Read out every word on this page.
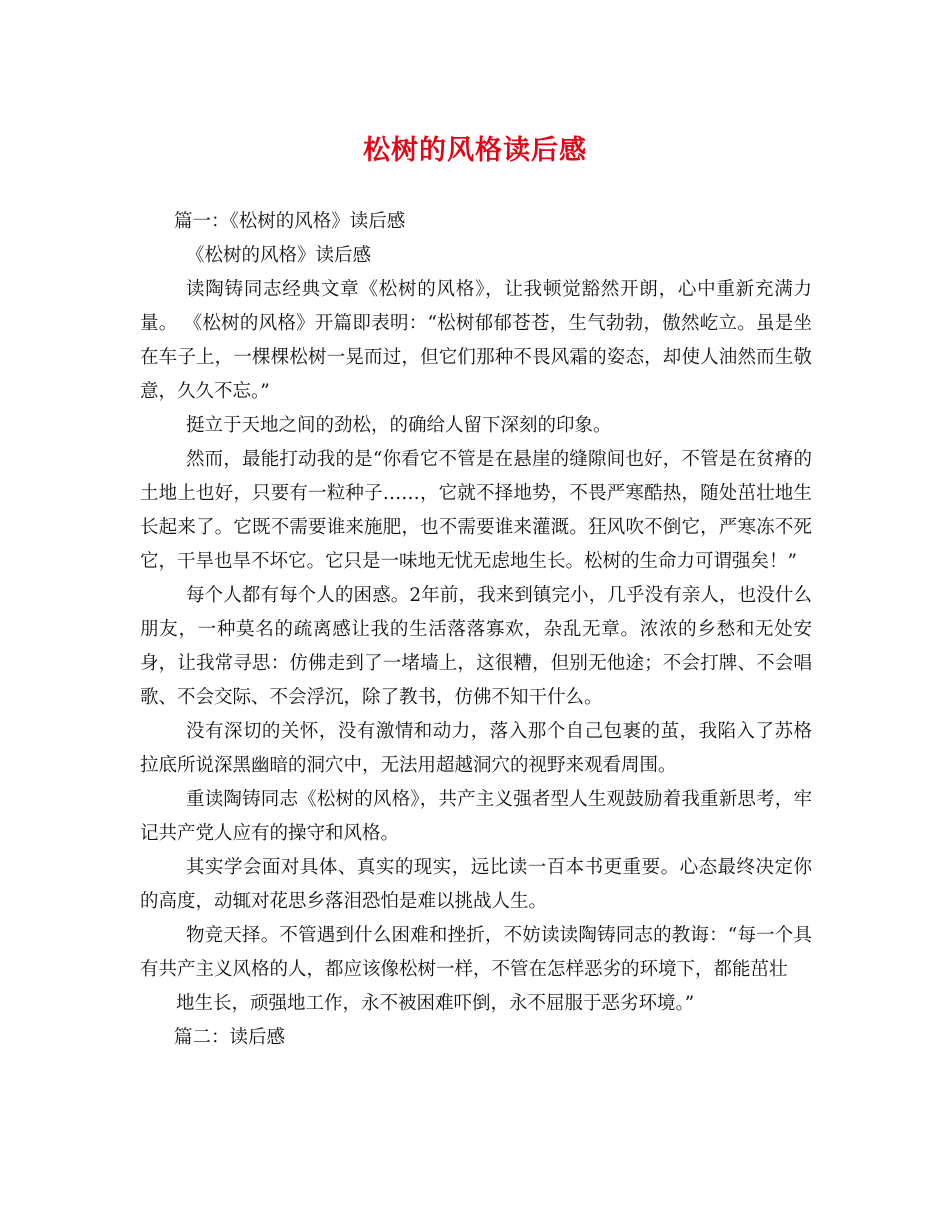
松树的风格读后感

篇一：《松树的风格》读后感

《松树的风格》读后感

读陶铸同志经典文章《松树的风格》，让我顿觉豁然开朗，心中重新充满力量。 《松树的风格》开篇即表明：“松树郁郁苍苍，生气勃勃，傲然屹立。虽是坐在车子上，一棵棵松树一晃而过，但它们那种不畏风霜的姿态，却使人油然而生敬意，久久不忘。”

挺立于天地之间的劲松，的确给人留下深刻的印象。

然而，最能打动我的是“你看它不管是在悬崖的缝隙间也好，不管是在贫瘠的土地上也好，只要有一粒种子……，它就不择地势，不畏严寒酷热，随处茁壮地生长起来了。它既不需要谁来施肥，也不需要谁来灌溉。狂风吹不倒它，严寒冻不死它，干旱也旱不坏它。它只是一味地无忧无虑地生长。松树的生命力可谓强矣！”

每个人都有每个人的困惑。2年前，我来到镇完小，几乎没有亲人，也没什么朋友，一种莫名的疏离感让我的生活落落寡欢，杂乱无章。浓浓的乡愁和无处安身，让我常寻思：仿佛走到了一堵墙上，这很糟，但别无他途；不会打牌、不会唱歌、不会交际、不会浮沉，除了教书，仿佛不知干什么。

没有深切的关怀，没有激情和动力，落入那个自己包裹的茧，我陷入了苏格拉底所说深黑幽暗的洞穴中，无法用超越洞穴的视野来观看周围。

重读陶铸同志《松树的风格》，共产主义强者型人生观鼓励着我重新思考，牢记共产党人应有的操守和风格。

其实学会面对具体、真实的现实，远比读一百本书更重要。心态最终决定你的高度，动辄对花思乡落泪恐怕是难以挑战人生。

物竞天择。不管遇到什么困难和挫折，不妨读读陶铸同志的教诲：“每一个具有共产主义风格的人，都应该像松树一样，不管在怎样恶劣的环境下，都能茁壮

地生长，顽强地工作，永不被困难吓倒，永不屈服于恶劣环境。”

篇二：读后感
